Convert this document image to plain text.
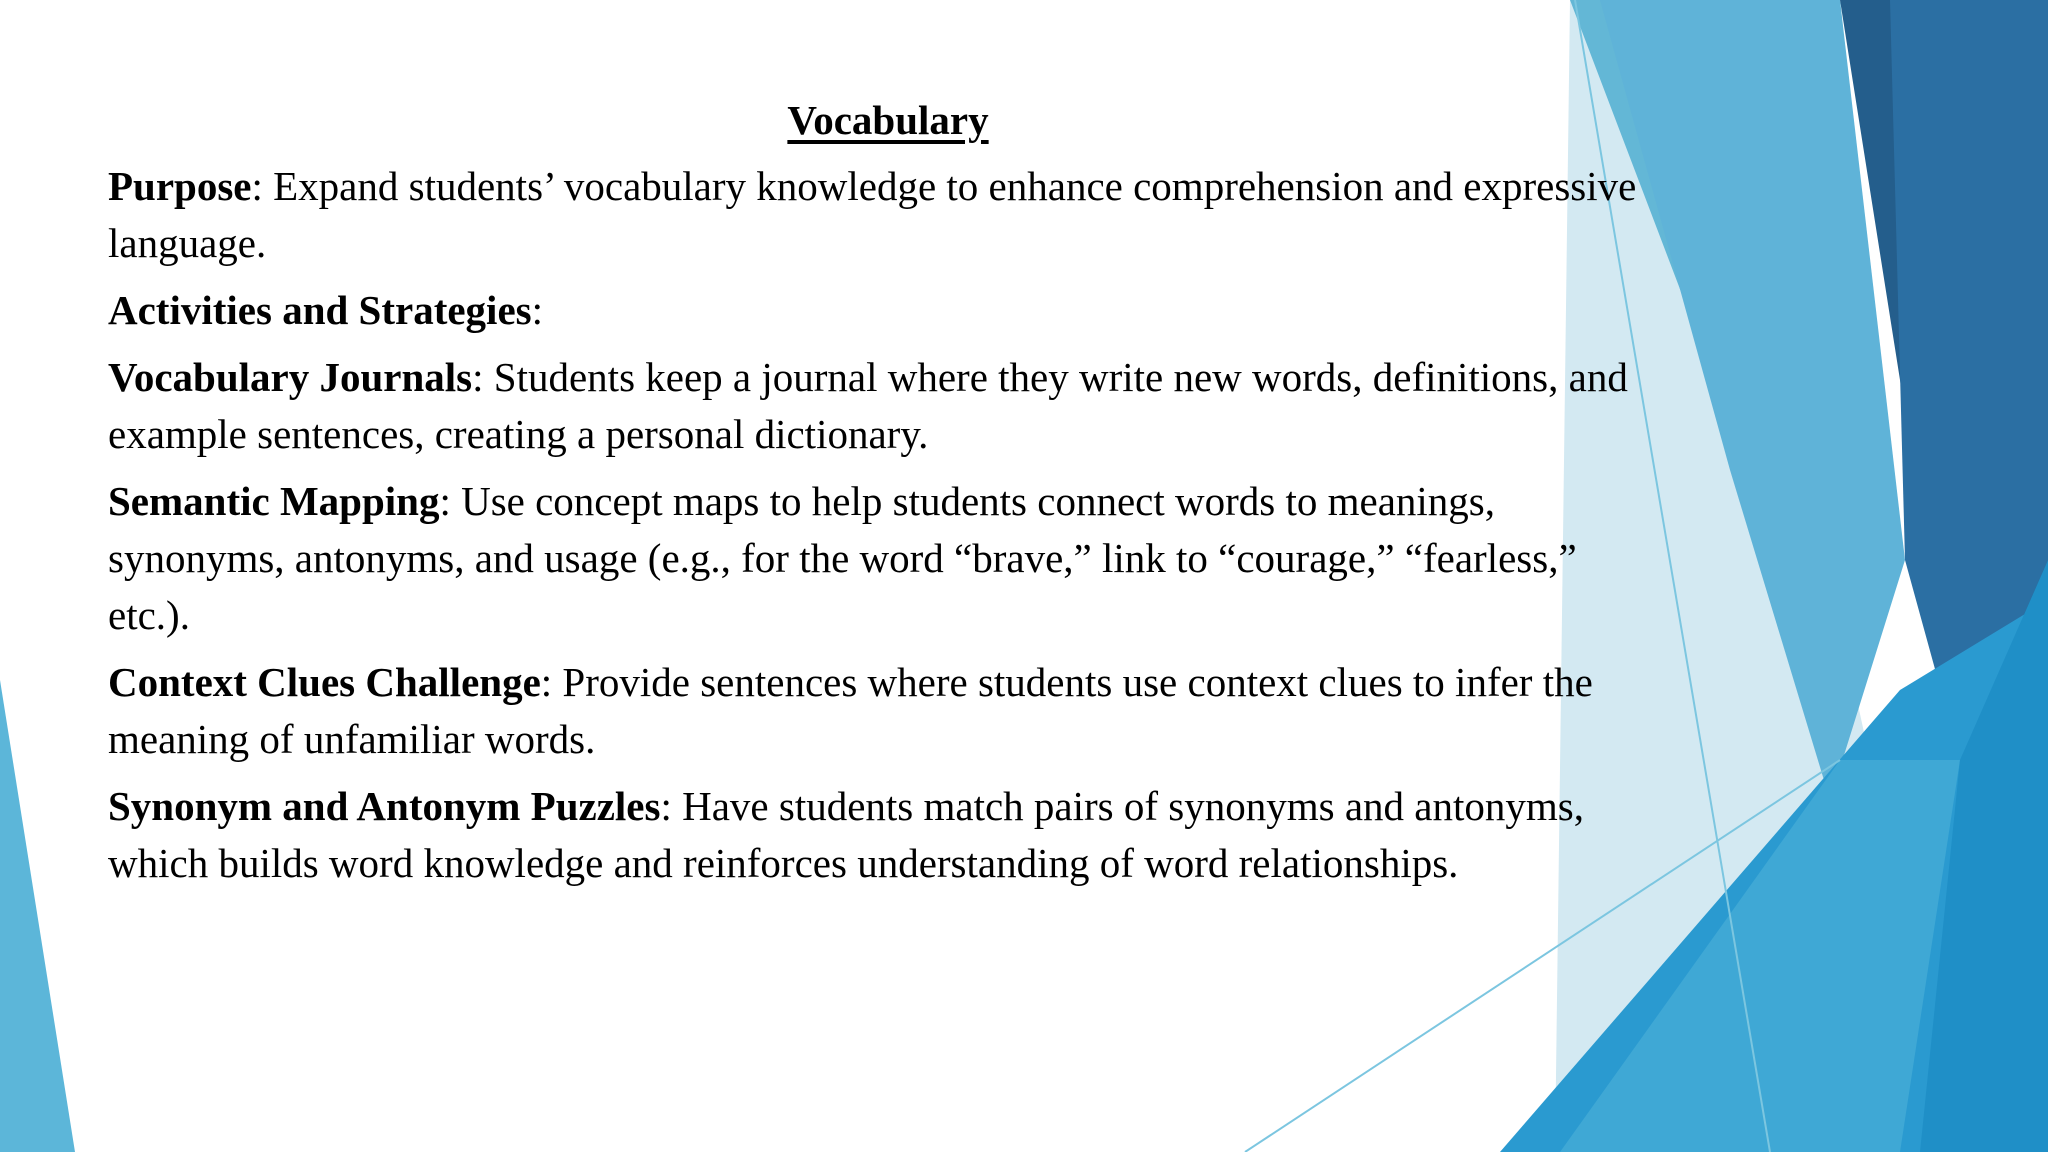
Vocabulary

Purpose: Expand students’ vocabulary knowledge to enhance comprehension and expressive language.

Activities and Strategies:

Vocabulary Journals: Students keep a journal where they write new words, definitions, and example sentences, creating a personal dictionary.

Semantic Mapping: Use concept maps to help students connect words to meanings, synonyms, antonyms, and usage (e.g., for the word “brave,” link to “courage,” “fearless,” etc.).

Context Clues Challenge: Provide sentences where students use context clues to infer the meaning of unfamiliar words.

Synonym and Antonym Puzzles: Have students match pairs of synonyms and antonyms, which builds word knowledge and reinforces understanding of word relationships.
